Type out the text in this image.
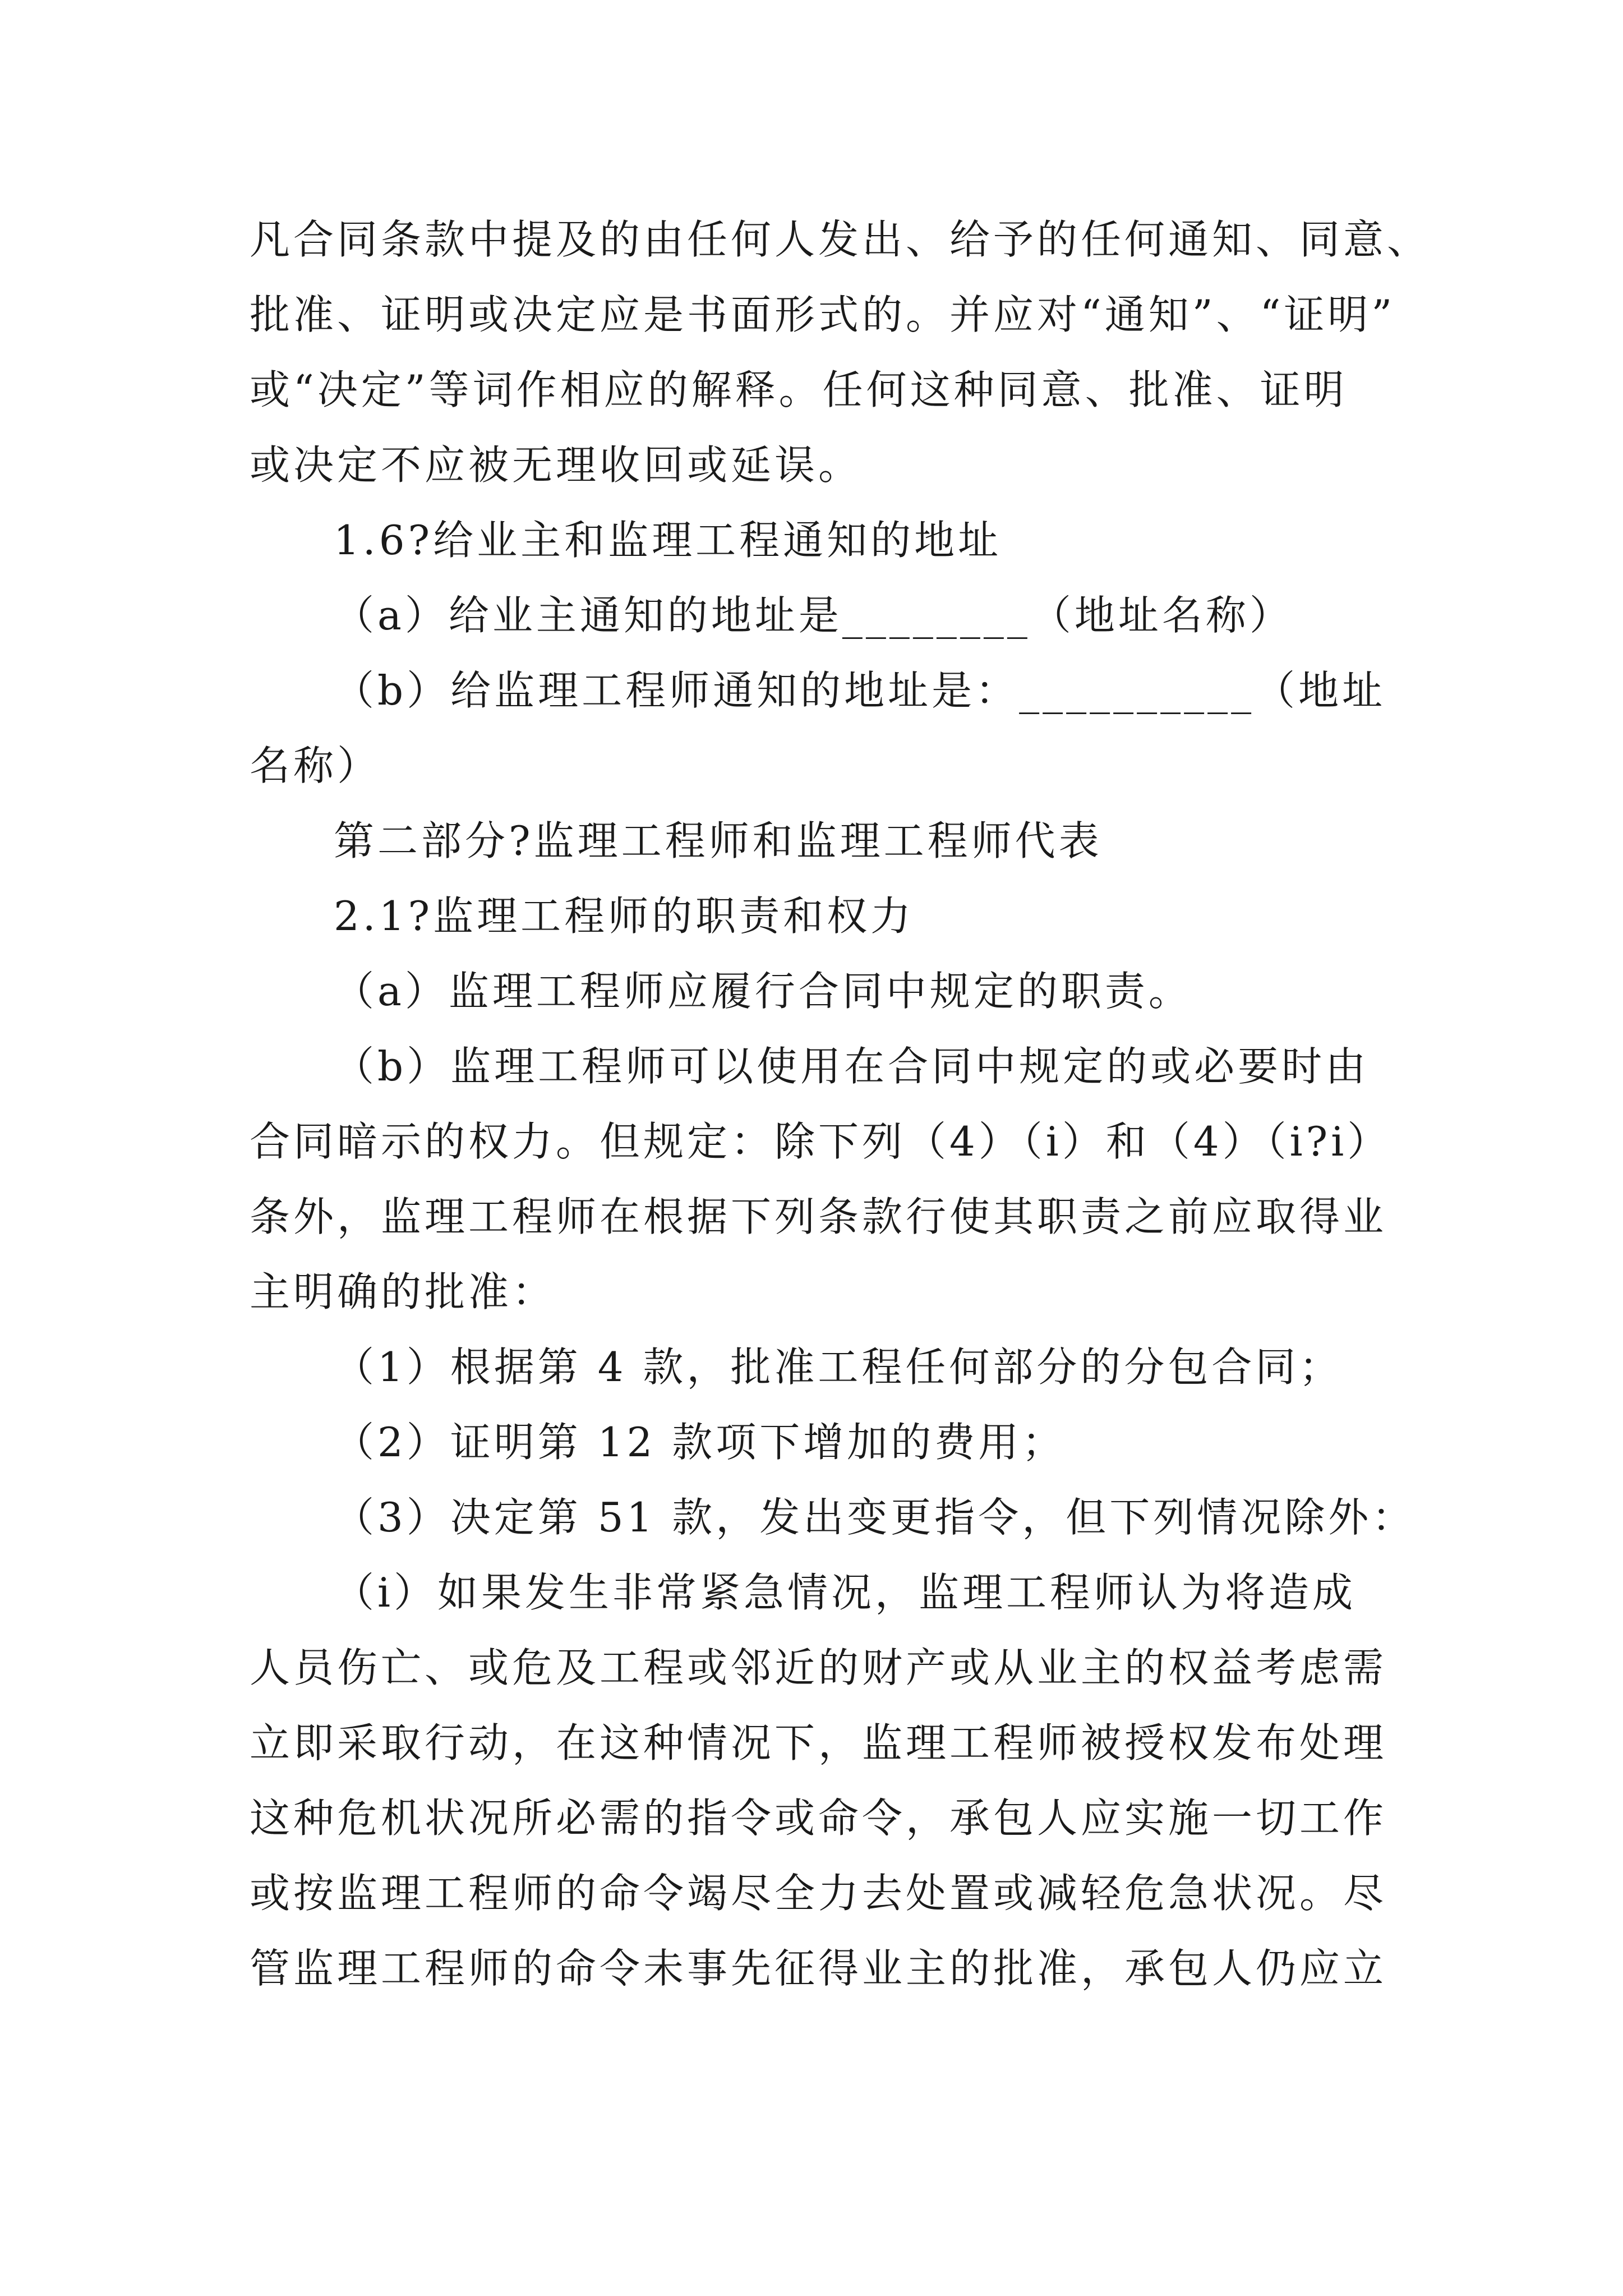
凡合同条款中提及的由任何人发出、给予的任何通知、同意、
批准、证明或决定应是书面形式的。并应对“通知”、“证明”
或“决定”等词作相应的解释。任何这种同意、批准、证明
或决定不应被无理收回或延误。
1.6?给业主和监理工程通知的地址
（a）给业主通知的地址是________（地址名称）
（b）给监理工程师通知的地址是：__________（地址
名称）
第二部分?监理工程师和监理工程师代表
2.1?监理工程师的职责和权力
（a）监理工程师应履行合同中规定的职责。
（b）监理工程师可以使用在合同中规定的或必要时由
合同暗示的权力。但规定：除下列（4）（i）和（4）（i?i）
条外，监理工程师在根据下列条款行使其职责之前应取得业
主明确的批准：
（1）根据第 4 款，批准工程任何部分的分包合同；
（2）证明第 12 款项下增加的费用；
（3）决定第 51 款，发出变更指令，但下列情况除外：
（i）如果发生非常紧急情况，监理工程师认为将造成
人员伤亡、或危及工程或邻近的财产或从业主的权益考虑需
立即采取行动，在这种情况下，监理工程师被授权发布处理
这种危机状况所必需的指令或命令，承包人应实施一切工作
或按监理工程师的命令竭尽全力去处置或减轻危急状况。尽
管监理工程师的命令未事先征得业主的批准，承包人仍应立
